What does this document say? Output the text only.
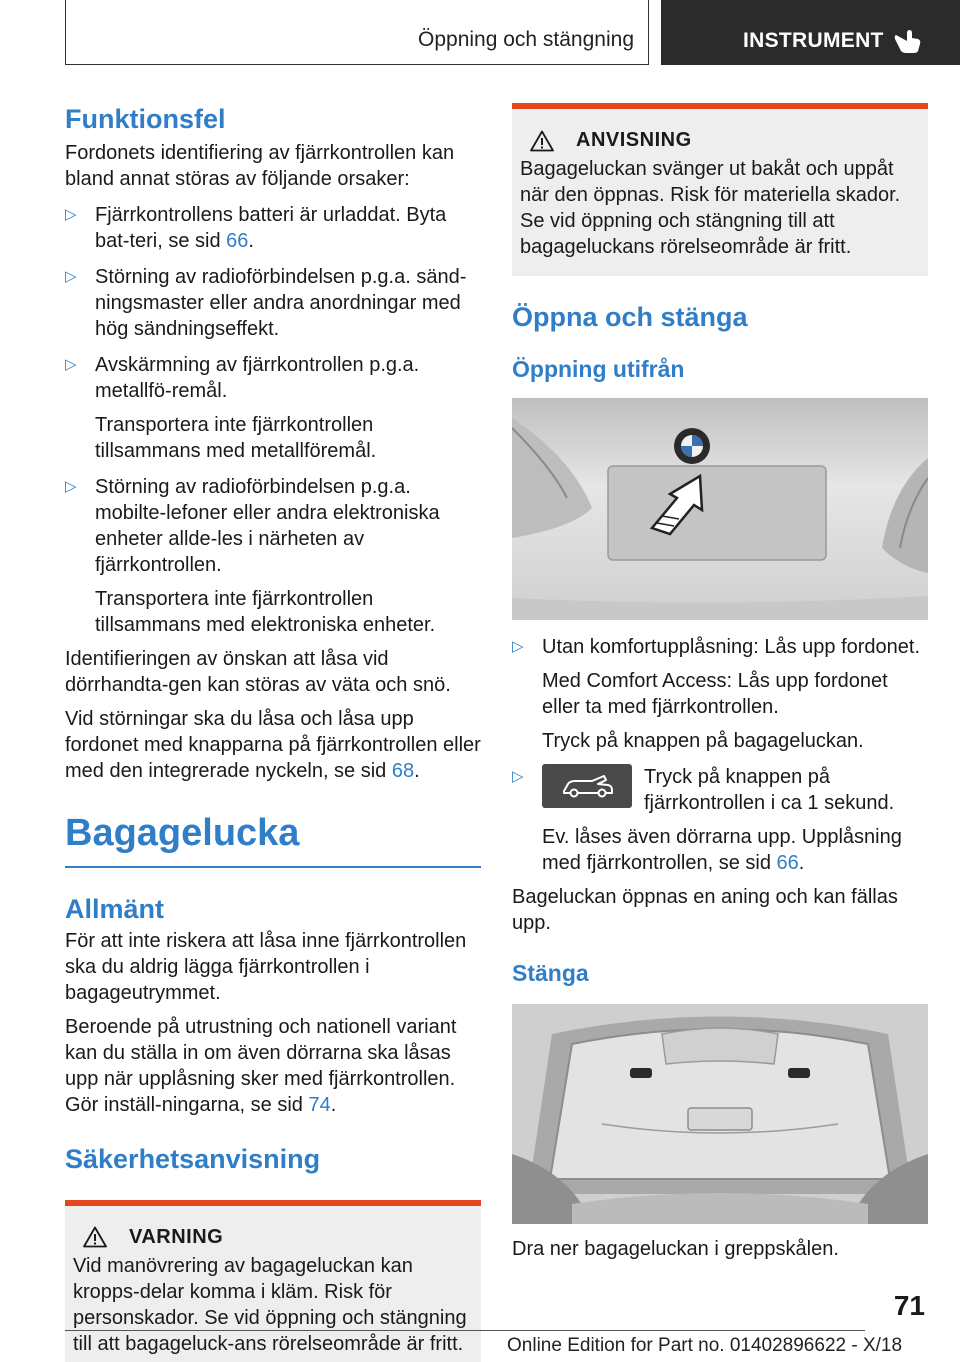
Öppning och stängning	INSTRUMENT
Funktionsfel

Fordonets identifiering av fjärrkontrollen kan bland annat störas av följande orsaker:

▷ Fjärrkontrollens batteri är urladdat. Byta bat-teri, se sid 66.
▷ Störning av radioförbindelsen p.g.a. sänd-ningsmaster eller andra anordningar med hög sändningseffekt.
▷ Avskärmning av fjärrkontrollen p.g.a. metallfö-remål.
Transportera inte fjärrkontrollen tillsammans med metallföremål.
▷ Störning av radioförbindelsen p.g.a. mobilte-lefoner eller andra elektroniska enheter allde-les i närheten av fjärrkontrollen.
Transportera inte fjärrkontrollen tillsammans med elektroniska enheter.

Identifieringen av önskan att låsa vid dörrhandta-gen kan störas av väta och snö.

Vid störningar ska du låsa och låsa upp fordonet med knapparna på fjärrkontrollen eller med den integrerade nyckeln, se sid 68.

Bagagelucka
Allmänt

För att inte riskera att låsa inne fjärrkontrollen ska du aldrig lägga fjärrkontrollen i bagageutrymmet.

Beroende på utrustning och nationell variant kan du ställa in om även dörrarna ska låsas upp när upplåsning sker med fjärrkontrollen. Gör inställ-ningarna, se sid 74.

Säkerhetsanvisning
VARNING

Vid manövrering av bagageluckan kan kropps-delar komma i kläm. Risk för personskador. Se vid öppning och stängning till att bagageluck-ans rörelseområde är fritt.

ANVISNING

Bagageluckan svänger ut bakåt och uppåt när den öppnas. Risk för materiella skador. Se vid öppning och stängning till att bagageluckans rörelseområde är fritt.

Öppna och stänga
Öppning utifrån
▷ Utan komfortupplåsning: Lås upp fordonet.
Med Comfort Access: Lås upp fordonet eller ta med fjärrkontrollen.
Tryck på knappen på bagageluckan.
▷	Tryck på knappen på fjärrkontrollen i ca 1 sekund.
Ev. låses även dörrarna upp. Upplåsning med fjärrkontrollen, se sid 66.

Bageluckan öppnas en aning och kan fällas upp.

Stänga

Dra ner bagageluckan i greppskålen.

71
Online Edition for Part no. 01402896622 - X/18
